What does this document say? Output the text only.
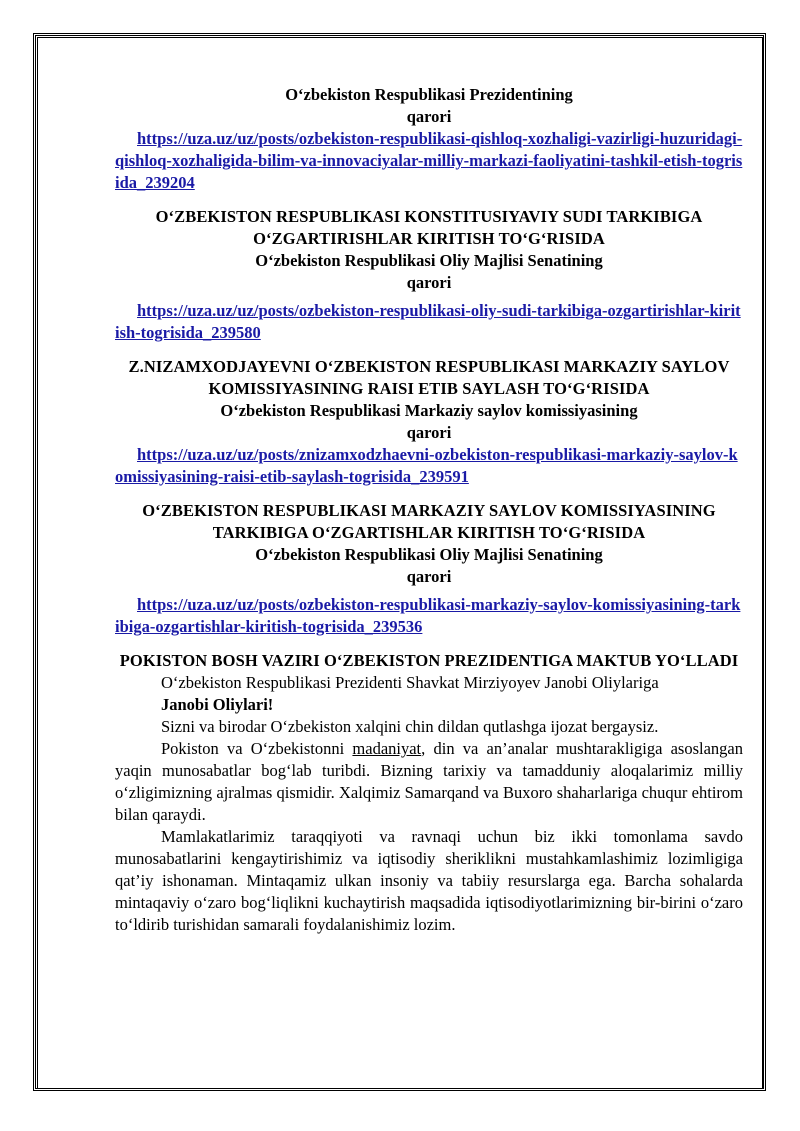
O‘zbekiston Respublikasi Prezidentining
qarori
https://uza.uz/uz/posts/ozbekiston-respublikasi-qishloq-xozhaligi-vazirligi-huzuridagi-qishloq-xozhaligida-bilim-va-innovaciyalar-milliy-markazi-faoliyatini-tashkil-etish-togrisida_239204
O‘ZBEKISTON RESPUBLIKASI KONSTITUSIYAVIY SUDI TARKIBIGA O‘ZGARTIRISHLAR KIRITISH TO‘G‘RISIDA
O‘zbekiston Respublikasi Oliy Majlisi Senatining
qarori
https://uza.uz/uz/posts/ozbekiston-respublikasi-oliy-sudi-tarkibiga-ozgartirishlar-kiritish-togrisida_239580
Z.NIZAMXODJAYEVNI O‘ZBEKISTON RESPUBLIKASI MARKAZIY SAYLOV KOMISSIYASINING RAISI ETIB SAYLASH TO‘G‘RISIDA
O‘zbekiston Respublikasi Markaziy saylov komissiyasining
qarori
https://uza.uz/uz/posts/znizamxodzhaevni-ozbekiston-respublikasi-markaziy-saylov-komissiyasining-raisi-etib-saylash-togrisida_239591
O‘ZBEKISTON RESPUBLIKASI MARKAZIY SAYLOV KOMISSIYASINING TARKIBIGA O‘ZGARTISHLAR KIRITISH TO‘G‘RISIDA
O‘zbekiston Respublikasi Oliy Majlisi Senatining
qarori
https://uza.uz/uz/posts/ozbekiston-respublikasi-markaziy-saylov-komissiyasining-tarkibiga-ozgartishlar-kiritish-togrisida_239536
POKISTON BOSH VAZIRI O‘ZBEKISTON PREZIDENTIGA MAKTUB YO‘LLADI

O‘zbekiston Respublikasi Prezidenti Shavkat Mirziyoyev Janobi Oliylariga

Janobi Oliylari!

Sizni va birodar O‘zbekiston xalqini chin dildan qutlashga ijozat bergaysiz.

Pokiston va O‘zbekistonni madaniyat, din va an’analar mushtarakligiga asoslangan yaqin munosabatlar bog‘lab turibdi. Bizning tarixiy va tamadduniy aloqalarimiz milliy o‘zligimizning ajralmas qismidir. Xalqimiz Samarqand va Buxoro shaharlariga chuqur ehtirom bilan qaraydi.

Mamlakatlarimiz taraqqiyoti va ravnaqi uchun biz ikki tomonlama savdo munosabatlarini kengaytirishimiz va iqtisodiy sheriklikni mustahkamlashimiz lozimligiga qat’iy ishonaman. Mintaqamiz ulkan insoniy va tabiiy resurslarga ega. Barcha sohalarda mintaqaviy o‘zaro bog‘liqlikni kuchaytirish maqsadida iqtisodiyotlarimizning bir-birini o‘zaro to‘ldirib turishidan samarali foydalanishimiz lozim.
